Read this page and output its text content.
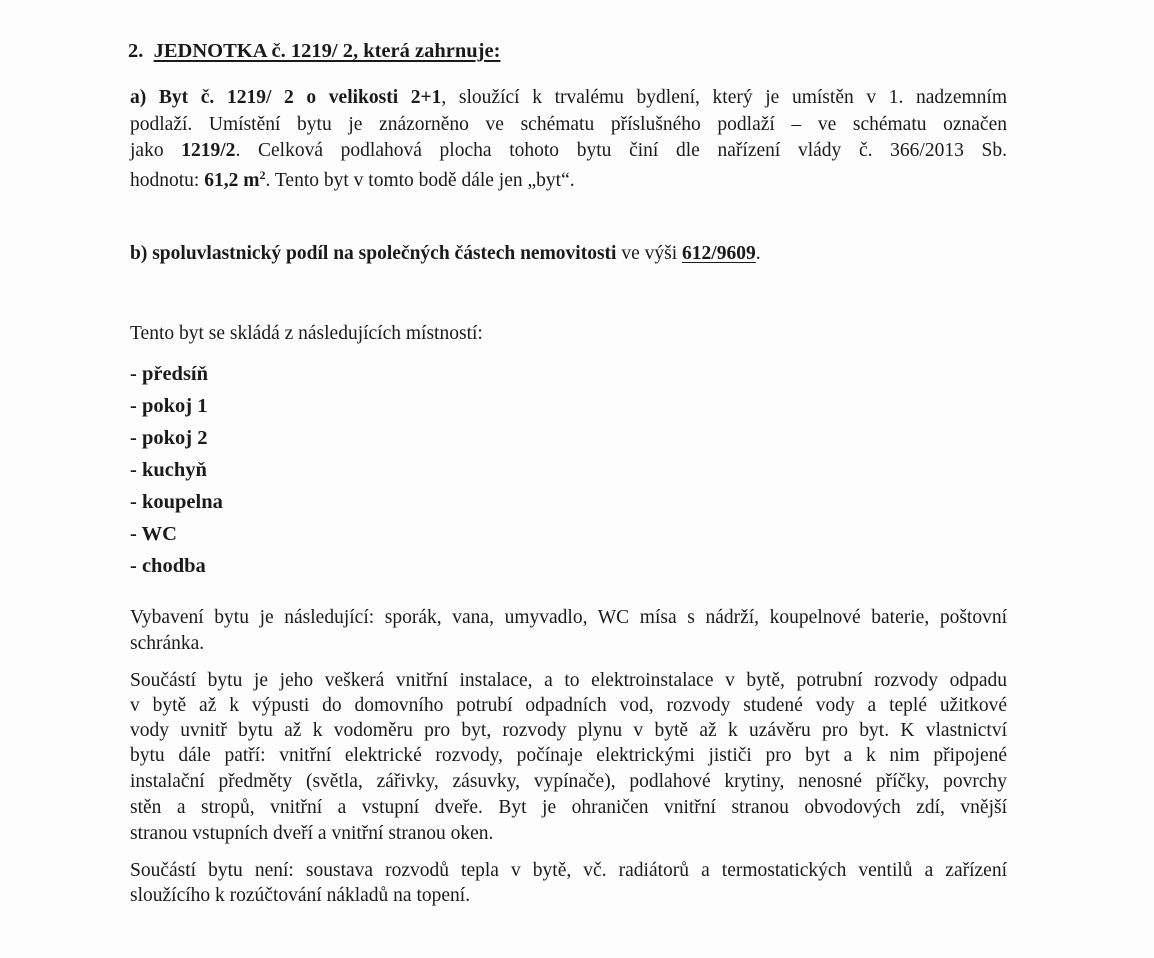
2. JEDNOTKA č. 1219/ 2, která zahrnuje:
a) Byt č. 1219/ 2 o velikosti 2+1, sloužící k trvalému bydlení, který je umístěn v 1. nadzemním
podlaží. Umístění bytu je znázorněno ve schématu příslušného podlaží – ve schématu označen
jako 1219/2. Celková podlahová plocha tohoto bytu činí dle nařízení vlády č. 366/2013 Sb.
hodnotu: 61,2 $m^2$. Tento byt v tomto bodě dále jen „byt“.
b) spoluvlastnický podíl na společných částech nemovitosti ve výši 612/9609.
Tento byt se skládá z následujících místností:
- předsíň
- pokoj 1
- pokoj 2
- kuchyň
- koupelna
- WC
- chodba
Vybavení bytu je následující: sporák, vana, umyvadlo, WC mísa s nádrží, koupelnové baterie, poštovní
schránka.
Součástí bytu je jeho veškerá vnitřní instalace, a to elektroinstalace v bytě, potrubní rozvody odpadu
v bytě až k výpusti do domovního potrubí odpadních vod, rozvody studené vody a teplé užitkové
vody uvnitř bytu až k vodoměru pro byt, rozvody plynu v bytě až k uzávěru pro byt. K vlastnictví
bytu dále patří: vnitřní elektrické rozvody, počínaje elektrickými jističi pro byt a k nim připojené
instalační předměty (světla, zářivky, zásuvky, vypínače), podlahové krytiny, nenosné příčky, povrchy
stěn a stropů, vnitřní a vstupní dveře. Byt je ohraničen vnitřní stranou obvodových zdí, vnější
stranou vstupních dveří a vnitřní stranou oken.
Součástí bytu není: soustava rozvodů tepla v bytě, vč. radiátorů a termostatických ventilů a zařízení
sloužícího k rozúčtování nákladů na topení.
